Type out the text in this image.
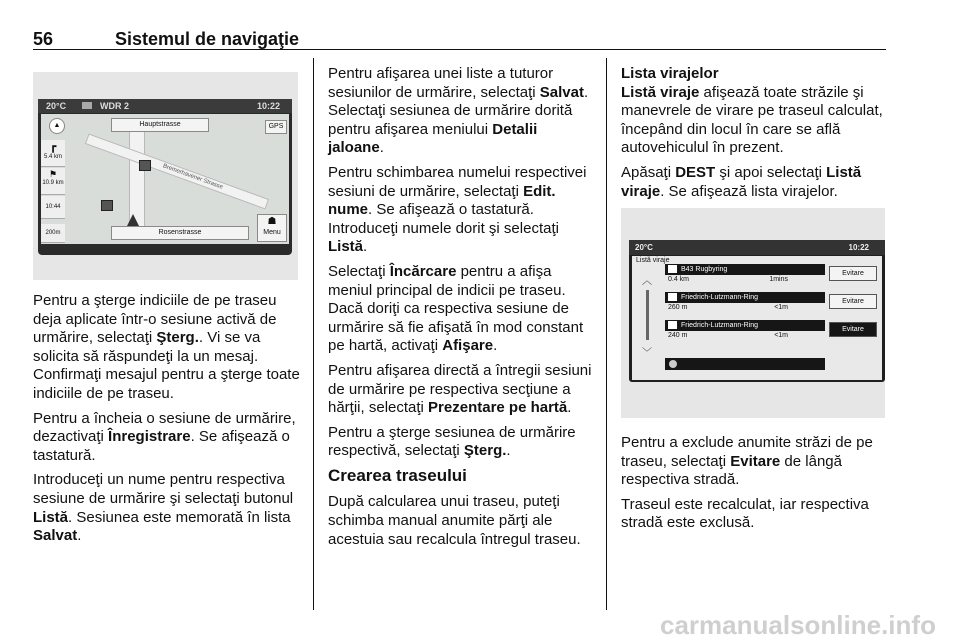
56	Sistemul de navigaţie
20°C	WDR 2	10:22
Bremerhavener Strasse
Hauptstrasse	GPS
▲
┏
5.4 km
⚑
10.9 km
10:44
200m	Rosenstrasse
☗
Menu

Pentru a şterge indiciile de pe traseu deja aplicate într-o sesiune activă de urmărire, selectaţi Şterg.. Vi se va solicita să răspundeţi la un mesaj. Confirmaţi mesajul pentru a şterge toate indiciile de pe traseu.

Pentru a încheia o sesiune de urmărire, dezactivaţi Înregistrare. Se afişează o tastatură.

Introduceţi un nume pentru respectiva sesiune de urmărire şi selectaţi butonul Listă. Sesiunea este memorată în lista Salvat.

Pentru afişarea unei liste a tuturor sesiunilor de urmărire, selectaţi Salvat. Selectaţi sesiunea de urmărire dorită pentru afişarea meniului Detalii jaloane.

Pentru schimbarea numelui respectivei sesiuni de urmărire, selectaţi Edit. nume. Se afişează o tastatură. Introduceţi numele dorit şi selectaţi Listă.

Selectaţi Încărcare pentru a afişa meniul principal de indicii pe traseu. Dacă doriţi ca respectiva sesiune de urmărire să fie afişată în mod constant pe hartă, activaţi Afişare.

Pentru afişarea directă a întregii sesiuni de urmărire pe respectiva secţiune a hărţii, selectaţi Prezentare pe hartă.

Pentru a şterge sesiunea de urmărire respectivă, selectaţi Şterg..

Crearea traseului

După calcularea unui traseu, puteţi schimba manual anumite părţi ale acestuia sau recalcula întregul traseu.

Lista virajelor

Listă viraje afişează toate străzile şi manevrele de virare pe traseul calculat, începând din locul în care se află autovehiculul în prezent.

Apăsaţi DEST şi apoi selectaţi Listă viraje. Se afişează lista virajelor.

20°C	10:22
Listă viraje
︿
﹀
B43 Rugbyring
0.4 km	1mins
Evitare
Friedrich-Lutzmann-Ring
260 m	<1m
Evitare
Friedrich-Lutzmann-Ring
240 m	<1m
Evitare

Pentru a exclude anumite străzi de pe traseu, selectaţi Evitare de lângă respectiva stradă.

Traseul este recalculat, iar respectiva stradă este exclusă.

carmanualsonline.info
